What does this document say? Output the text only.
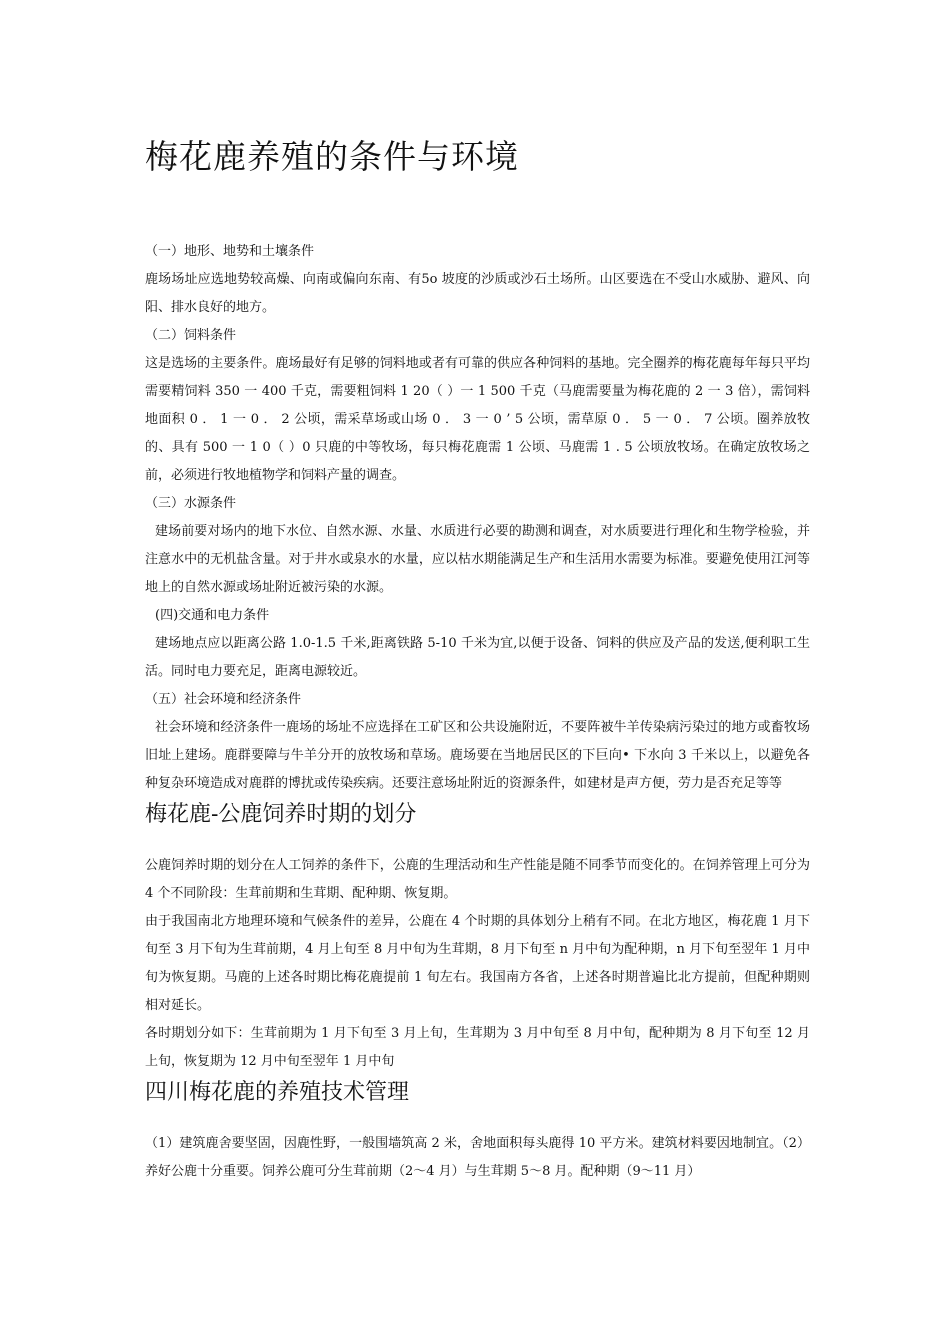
梅花鹿养殖的条件与环境

（一）地形、地势和土壤条件

鹿场场址应选地势较高燥、向南或偏向东南、有5o 坡度的沙质或沙石土场所。山区要选在不受山水威胁、避风、向阳、排水良好的地方。

（二）饲料条件

这是选场的主要条件。鹿场最好有足够的饲料地或者有可靠的供应各种饲料的基地。完全圈养的梅花鹿每年每只平均需要精饲料 350 一 400 千克，需要粗饲料 1 20（ ）一 1 500 千克（马鹿需要量为梅花鹿的 2 一 3 倍），需饲料地面积 0 ． 1 一 0 ． 2 公顷，需采草场或山场 0 ． 3 一 0 ’ 5 公顷，需草原 0 ． 5 一 0 ． 7 公顷。圈养放牧的、具有 500 一 1 0（ ）0 只鹿的中等牧场，每只梅花鹿需 1 公顷、马鹿需 1 . 5 公顷放牧场。在确定放牧场之前，必须进行牧地植物学和饲料产量的调查。

（三）水源条件

建场前要对场内的地下水位、自然水源、水量、水质进行必要的勘测和调查，对水质要进行理化和生物学检验，并注意水中的无机盐含量。对于井水或泉水的水量，应以枯水期能满足生产和生活用水需要为标准。要避免使用江河等地上的自然水源或场址附近被污染的水源。

(四)交通和电力条件

建场地点应以距离公路 1.0-1.5 千米,距离铁路 5-10 千米为宜,以便于设备、饲料的供应及产品的发送,便利职工生活。同时电力要充足，距离电源较近。

（五）社会环境和经济条件

社会环境和经济条件一鹿场的场址不应选择在工矿区和公共设施附近，不要阵被牛羊传染病污染过的地方或畜牧场旧址上建场。鹿群要障与牛羊分开的放牧场和草场。鹿场要在当地居民区的下巨向• 下水向 3 千米以上，以避免各种复杂环境造成对鹿群的博扰或传染疾病。还要注意场址附近的资源条件，如建材是声方便，劳力是否充足等等

梅花鹿-公鹿饲养时期的划分

公鹿饲养时期的划分在人工饲养的条件下，公鹿的生理活动和生产性能是随不同季节而变化的。在饲养管理上可分为 4 个不同阶段：生茸前期和生茸期、配种期、恢复期。

由于我国南北方地理环境和气候条件的差异，公鹿在 4 个时期的具体划分上稍有不同。在北方地区，梅花鹿 1 月下旬至 3 月下旬为生茸前期，4 月上旬至 8 月中旬为生茸期，8 月下旬至 n 月中旬为配种期，n 月下旬至翌年 1 月中旬为恢复期。马鹿的上述各时期比梅花鹿提前 1 旬左右。我国南方各省，上述各时期普遍比北方提前，但配种期则相对延长。

各时期划分如下：生茸前期为 1 月下旬至 3 月上旬，生茸期为 3 月中旬至 8 月中旬，配种期为 8 月下旬至 12 月上旬，恢复期为 12 月中旬至翌年 1 月中旬

四川梅花鹿的养殖技术管理

（1）建筑鹿舍要坚固，因鹿性野，一般围墙筑高 2 米，舍地面积每头鹿得 10 平方米。建筑材料要因地制宜。（2）养好公鹿十分重要。饲养公鹿可分生茸前期（2～4 月）与生茸期 5～8 月。配种期（9～11 月）
